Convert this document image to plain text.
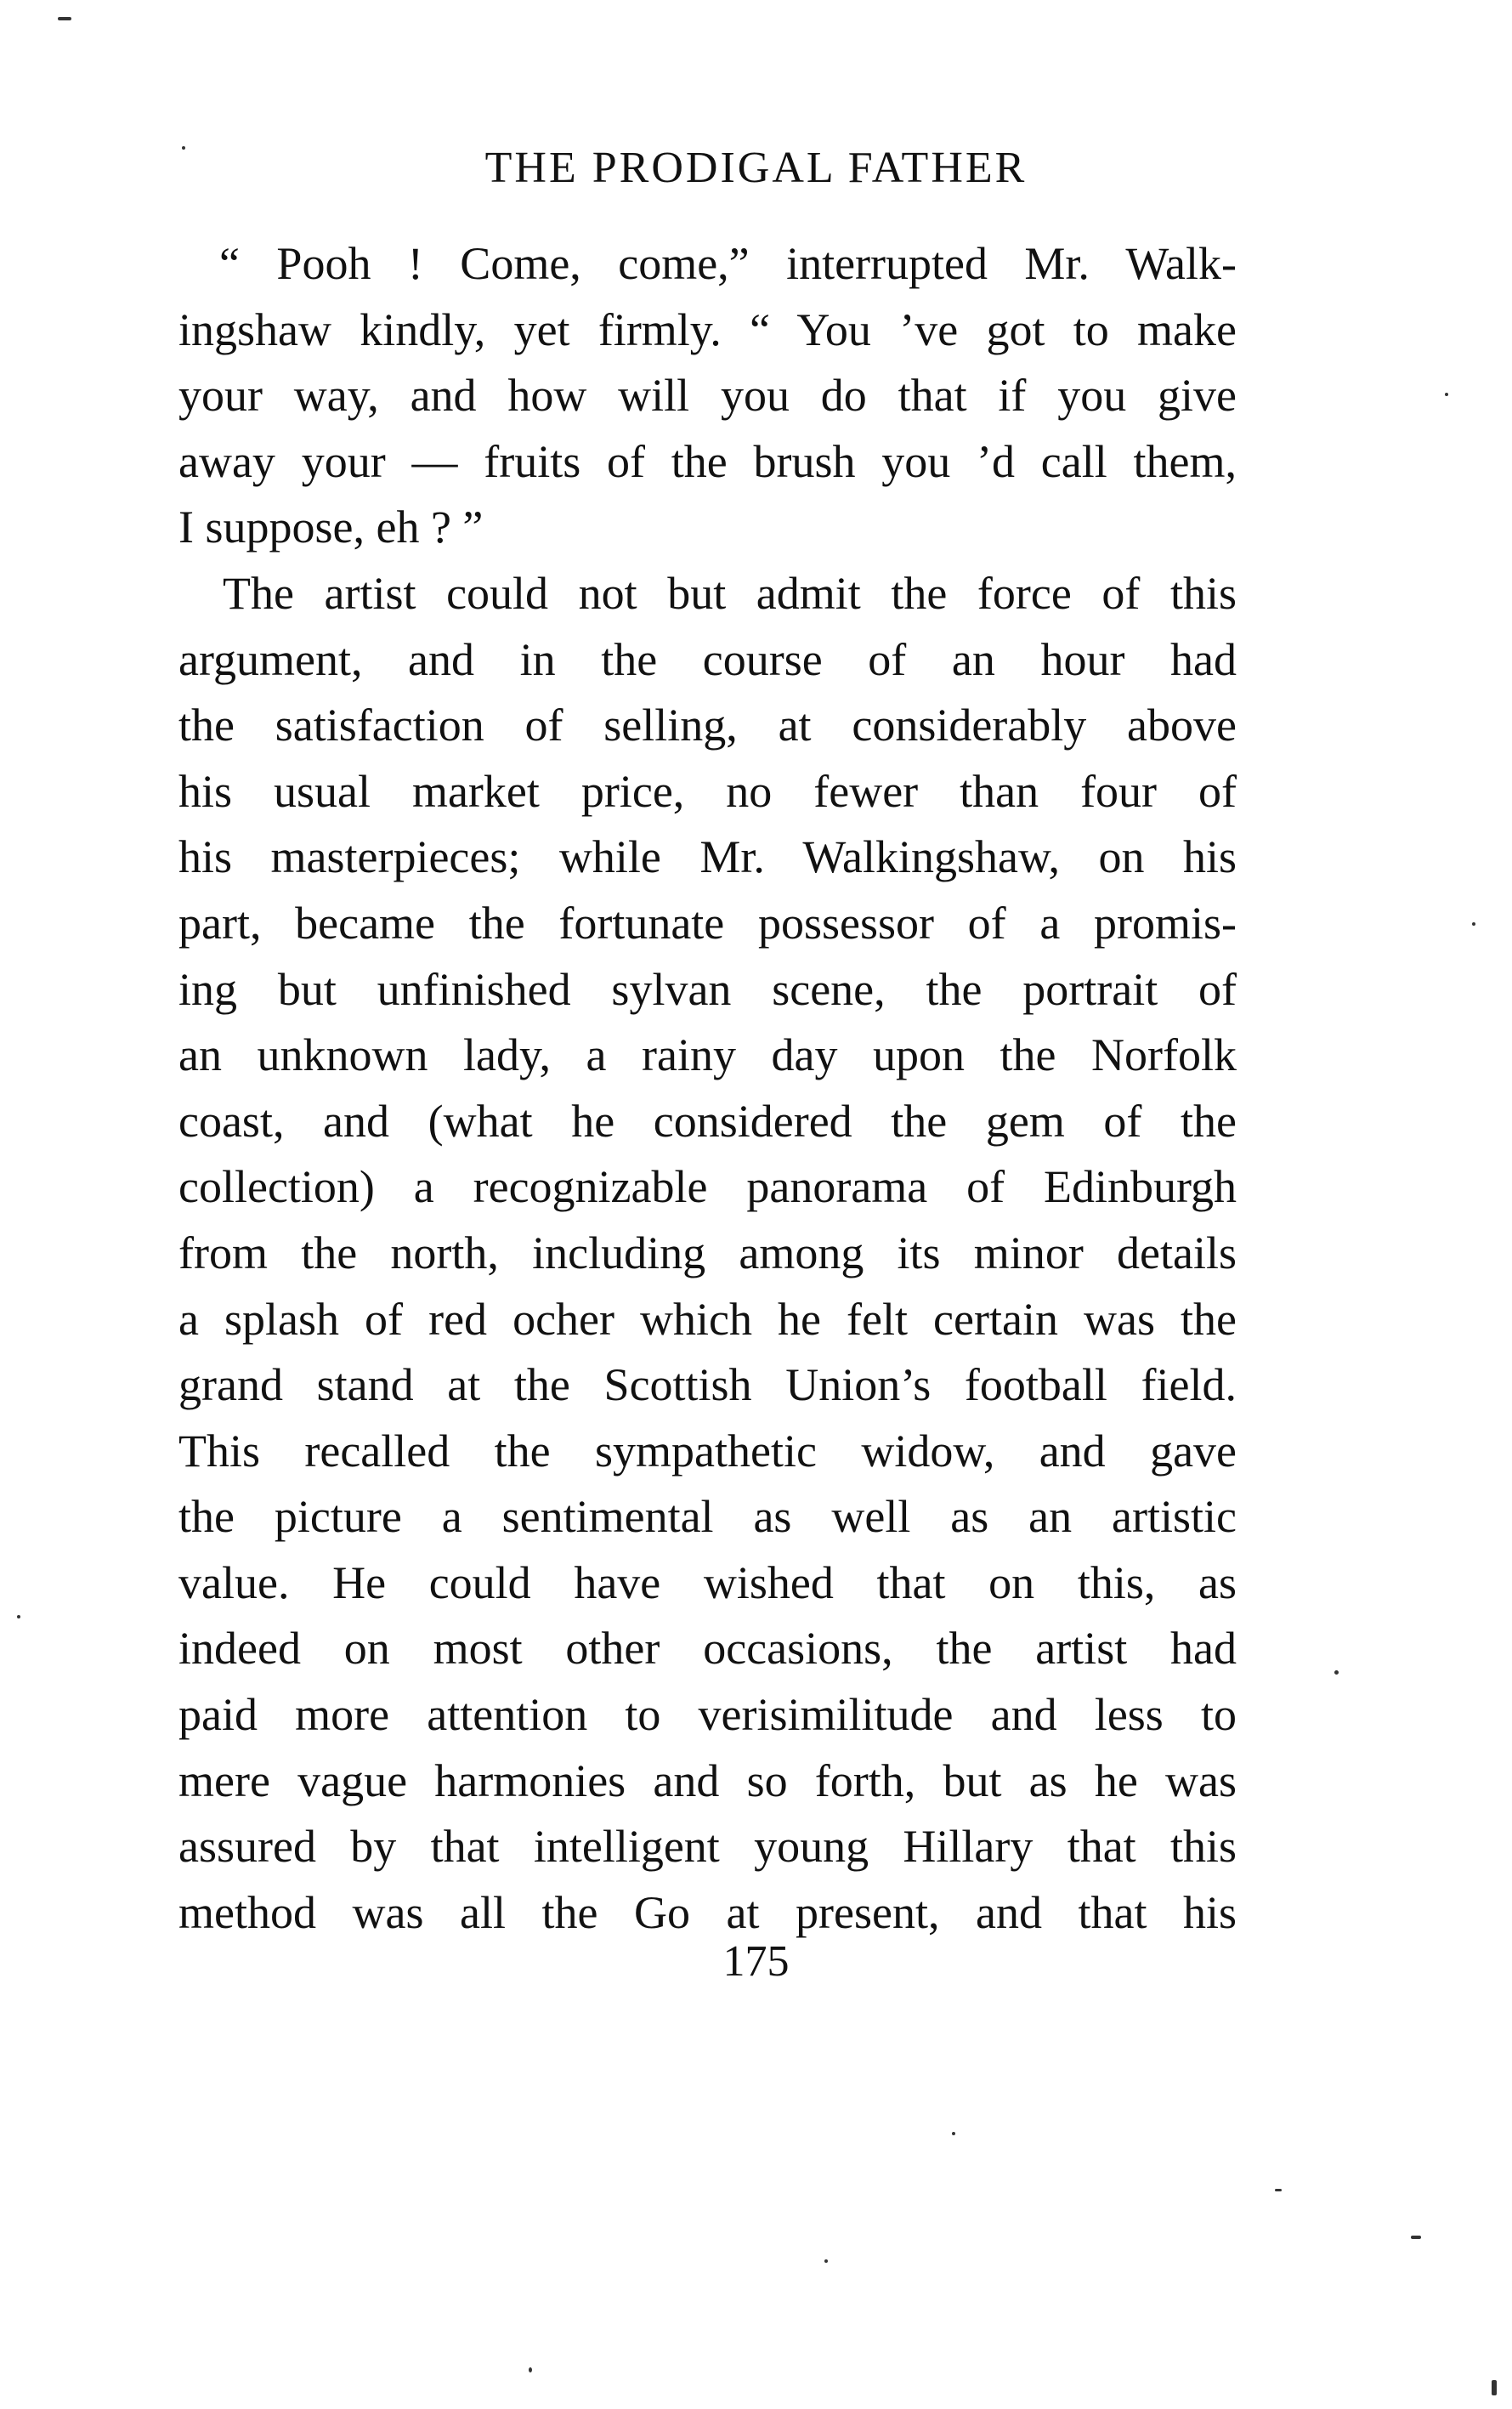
THE PRODIGAL FATHER
“ Pooh ! Come, come,” interrupted Mr. Walk-
ingshaw kindly, yet firmly. “ You ’ve got to make
your way, and how will you do that if you give
away your — fruits of the brush you ’d call them,
I suppose, eh ? ”
The artist could not but admit the force of this
argument, and in the course of an hour had
the satisfaction of selling, at considerably above
his usual market price, no fewer than four of
his masterpieces; while Mr. Walkingshaw, on his
part, became the fortunate possessor of a promis-
ing but unfinished sylvan scene, the portrait of
an unknown lady, a rainy day upon the Norfolk
coast, and (what he considered the gem of the
collection) a recognizable panorama of Edinburgh
from the north, including among its minor details
a splash of red ocher which he felt certain was the
grand stand at the Scottish Union’s football field.
This recalled the sympathetic widow, and gave
the picture a sentimental as well as an artistic
value. He could have wished that on this, as
indeed on most other occasions, the artist had
paid more attention to verisimilitude and less to
mere vague harmonies and so forth, but as he was
assured by that intelligent young Hillary that this
method was all the Go at present, and that his
175
